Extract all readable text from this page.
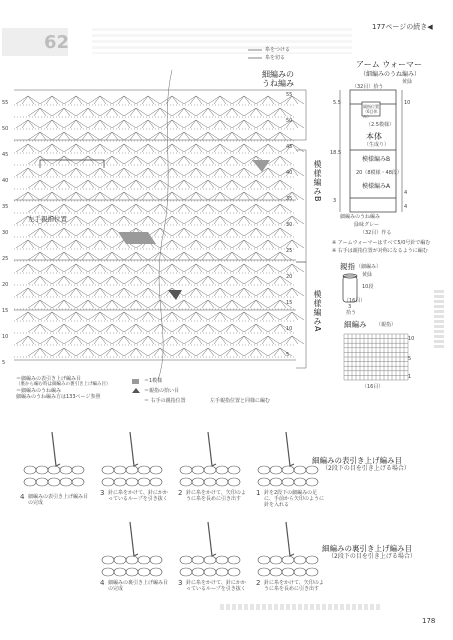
62
177ページの続き◀
糸をつける
糸を切る
細編みの
うね編み
模様編みB
模様編みA
左手親指位置
55
50
45
40
35
30
25
20
15
10
5
55
50
45
40
35
30
25
20
15
10
5
＝細編みの表引き上げ編み目
（裏から編む時は細編みの裏引き上げ編み目）
＝細編みのうね編み
細編みのうね編み方は133ページ参照
＝1模様
＝親指の拾い目
＝ 右手の親指位置	左手親指位置と同様に編む
アーム ウォーマー
（細編みのうね編み）
黄緑
（32目）拾う
親指位置（6目休み）
（2.5模様）
本体
（生成り）
模様編みB
20（8模様・48段）
模様編みA
細編みのうね編み
緑味グレー
（32目）作る
5.5
18.5
10
4
4
3
※ アームウォーマーはすべて5/0号針で編む
※ 右手は親指位置が対称になるように編む
親指 （細編み）
黄緑
10段
3
（16目）
拾う
細編み （親指）
（16目）
10
5
1
細編みの表引き上げ編み目
（2段下の目を引き上げる場合）
4 細編みの表引き上げ編み目の完成
3 針に糸をかけて、針にかかっているループを引き抜く
2 針に糸をかけて、矢印のように糸を長めに引き出す
1 針を2段下の細編みの足に、手前から矢印のように針を入れる
細編みの裏引き上げ編み目
（2段下の目を引き上げる場合）
4 細編みの裏引き上げ編み目の完成
3 針に糸をかけて、針にかかっているループを引き抜く
2 針に糸をかけて、矢印のように糸を長めに引き出す
178
